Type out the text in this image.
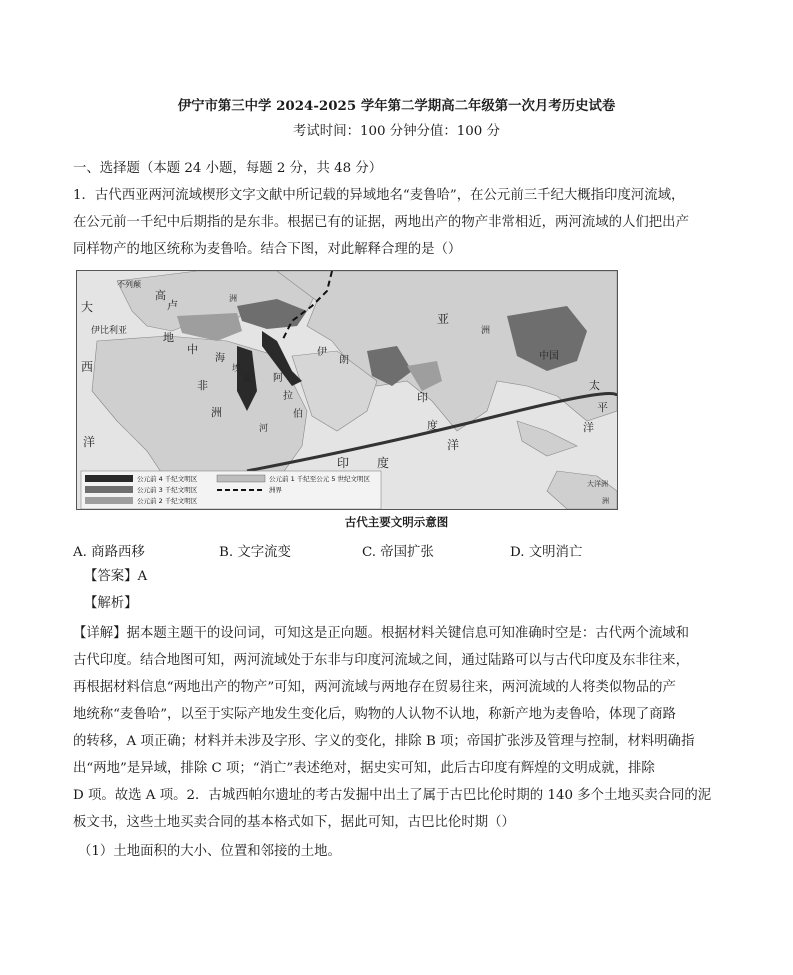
伊宁市第三中学 2024-2025 学年第二学期高二年级第一次月考历史试卷
考试时间：100 分钟分值：100 分
一、选择题（本题 24 小题，每题 2 分，共 48 分）
1．古代西亚两河流域楔形文字文献中所记载的异域地名“麦鲁哈”，在公元前三千纪大概指印度河流域，
在公元前一千纪中后期指的是东非。根据已有的证据，两地出产的物产非常相近，两河流域的人们把出产
同样物产的地区统称为麦鲁哈。结合下图，对此解释合理的是（）
大
不列颠
高
卢
伊比利亚	地
中
海
西
非
洲
洋
埃
及 阿
拉
伯
河
伊
朗
洲
亚
洲
印
度
中国
太
平
洋
印 度
洋
大洋洲
洲
公元前 4 千纪文明区
公元前 3 千纪文明区
公元前 2 千纪文明区
公元前 1 千纪至公元 5 世纪文明区
洲界
古代主要文明示意图
A. 商路西移	B. 文字流变	C. 帝国扩张	D. 文明消亡
【答案】A
【解析】
【详解】据本题主题干的设问词，可知这是正向题。根据材料关键信息可知准确时空是：古代两个流域和
古代印度。结合地图可知，两河流域处于东非与印度河流域之间，通过陆路可以与古代印度及东非往来，
再根据材料信息“两地出产的物产”可知，两河流域与两地存在贸易往来，两河流域的人将类似物品的产
地统称“麦鲁哈”，以至于实际产地发生变化后，购物的人认物不认地，称新产地为麦鲁哈，体现了商路
的转移，A 项正确；材料并未涉及字形、字义的变化，排除 B 项；帝国扩张涉及管理与控制，材料明确指
出“两地”是异域，排除 C 项；“消亡”表述绝对，据史实可知，此后古印度有辉煌的文明成就，排除
D 项。故选 A 项。2．古城西帕尔遗址的考古发掘中出土了属于古巴比伦时期的 140 多个土地买卖合同的泥
板文书，这些土地买卖合同的基本格式如下，据此可知，古巴比伦时期（）
（1）土地面积的大小、位置和邻接的土地。
